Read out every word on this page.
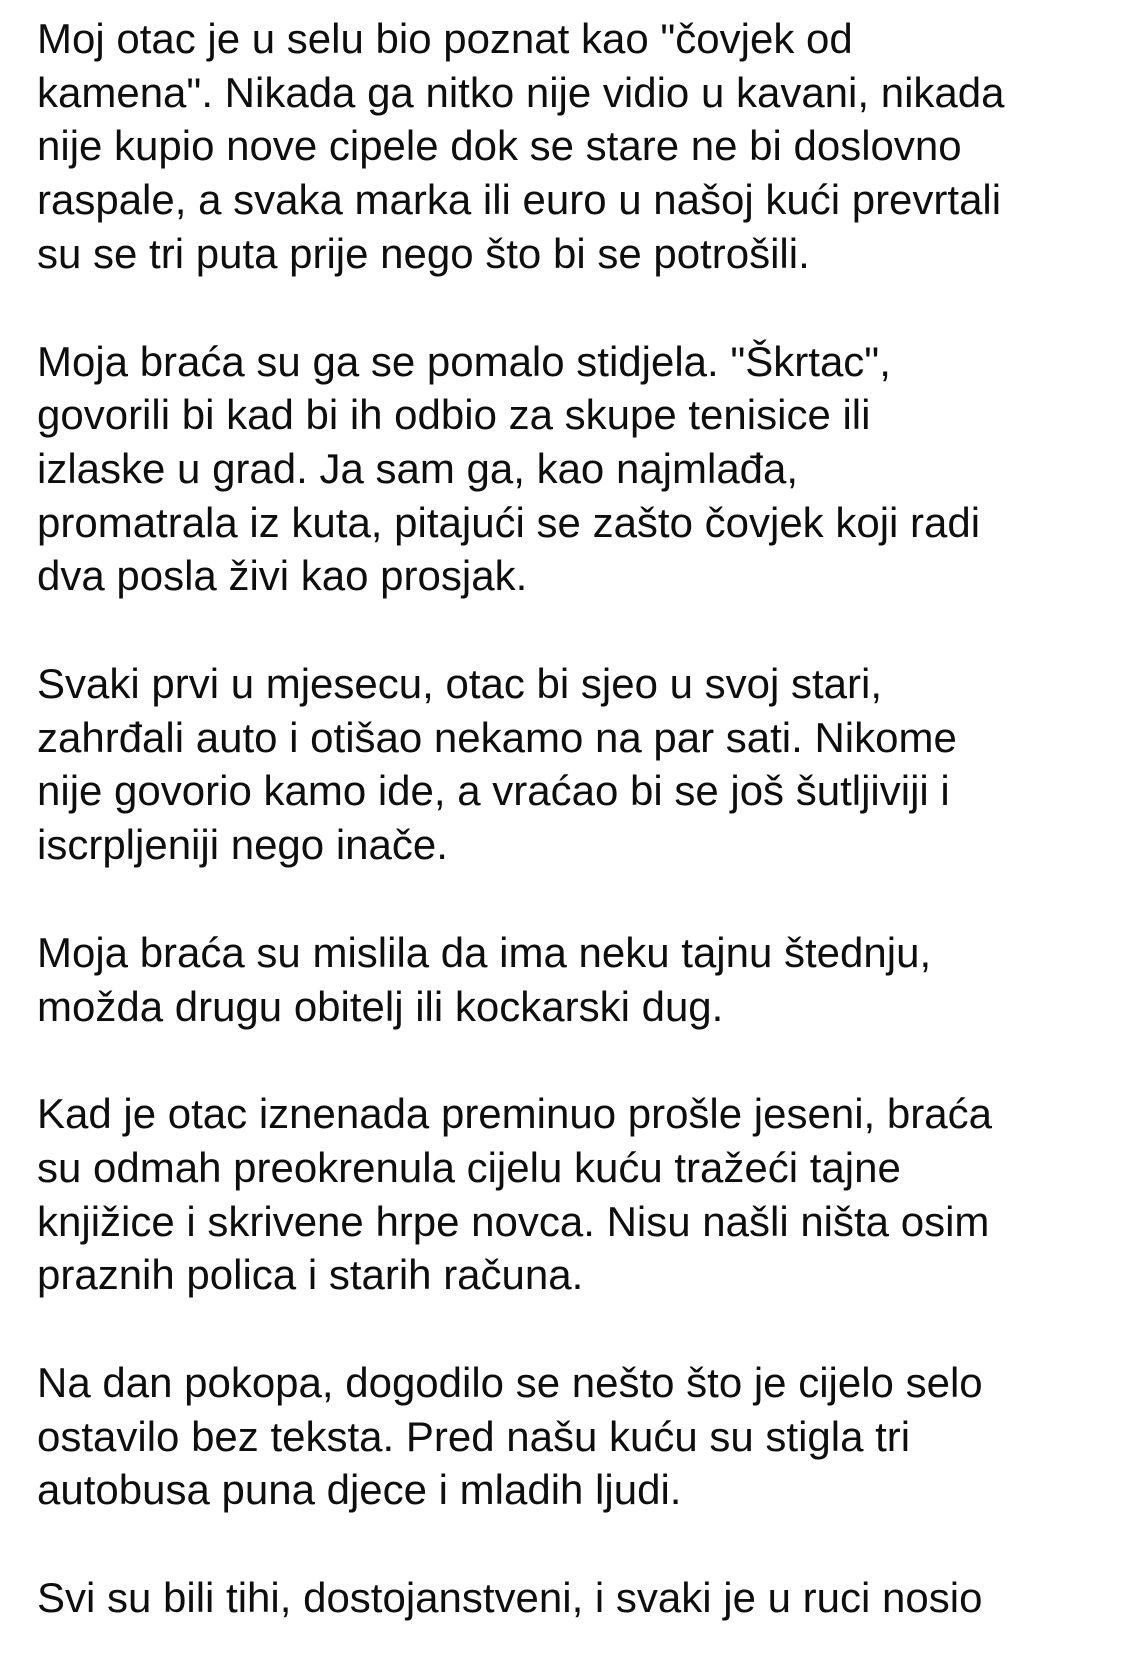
Moj otac je u selu bio poznat kao "čovjek od
kamena". Nikada ga nitko nije vidio u kavani, nikada
nije kupio nove cipele dok se stare ne bi doslovno
raspale, a svaka marka ili euro u našoj kući prevrtali
su se tri puta prije nego što bi se potrošili.

Moja braća su ga se pomalo stidjela. "Škrtac",
govorili bi kad bi ih odbio za skupe tenisice ili
izlaske u grad. Ja sam ga, kao najmlađa,
promatrala iz kuta, pitajući se zašto čovjek koji radi
dva posla živi kao prosjak.

Svaki prvi u mjesecu, otac bi sjeo u svoj stari,
zahrđali auto i otišao nekamo na par sati. Nikome
nije govorio kamo ide, a vraćao bi se još šutljiviji i
iscrpljeniji nego inače.

Moja braća su mislila da ima neku tajnu štednju,
možda drugu obitelj ili kockarski dug.

Kad je otac iznenada preminuo prošle jeseni, braća
su odmah preokrenula cijelu kuću tražeći tajne
knjižice i skrivene hrpe novca. Nisu našli ništa osim
praznih polica i starih računa.

Na dan pokopa, dogodilo se nešto što je cijelo selo
ostavilo bez teksta. Pred našu kuću su stigla tri
autobusa puna djece i mladih ljudi.

Svi su bili tihi, dostojanstveni, i svaki je u ruci nosio
